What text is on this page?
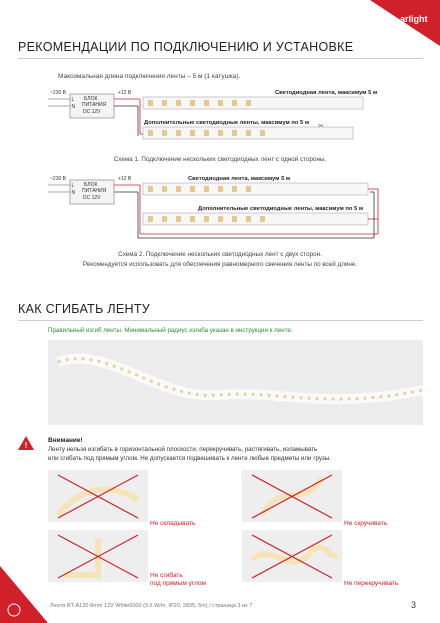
arlight
РЕКОМЕНДАЦИИ ПО ПОДКЛЮЧЕНИЮ И УСТАНОВКЕ
Максимальная длина подключения ленты – 5 м (1 катушка).
~230 В	+12 В
L
N
БЛОК
ПИТАНИЯ
DC 12V
Светодиодная лента, максимум 5 м
Дополнительные светодиодные ленты, максимум по 5 м ✂
Схема 1. Подключение нескольких светодиодных лент с одной стороны.
~230 В	+12 В
L
N
БЛОК
ПИТАНИЯ
DC 12V
Светодиодная лента, максимум 5 м
Дополнительные светодиодные ленты, максимум по 5 м
Схема 2. Подключение нескольких светодиодных лент с двух сторон.
Рекомендуется использовать для обеспечения равномерного свечения ленты по всей длине.
КАК СГИБАТЬ ЛЕНТУ
Правильный изгиб ленты. Минимальный радиус изгиба указан в инструкции к ленте.
!
Внимание!
Ленту нельзя изгибать в горизонтальной плоскости, перекручивать, растягивать, изламывать
или сгибать под прямым углом. Не допускается подвешивать к ленте любые предметы или грузы.
Не складывать	Не скручивать
Не сгибать
под прямым углом	Не перекручивать
Лента RT-A120-8mm 12V White6000 (9.6 W/m, IP20, 2835, 5m) / страница 3 из 7	3
